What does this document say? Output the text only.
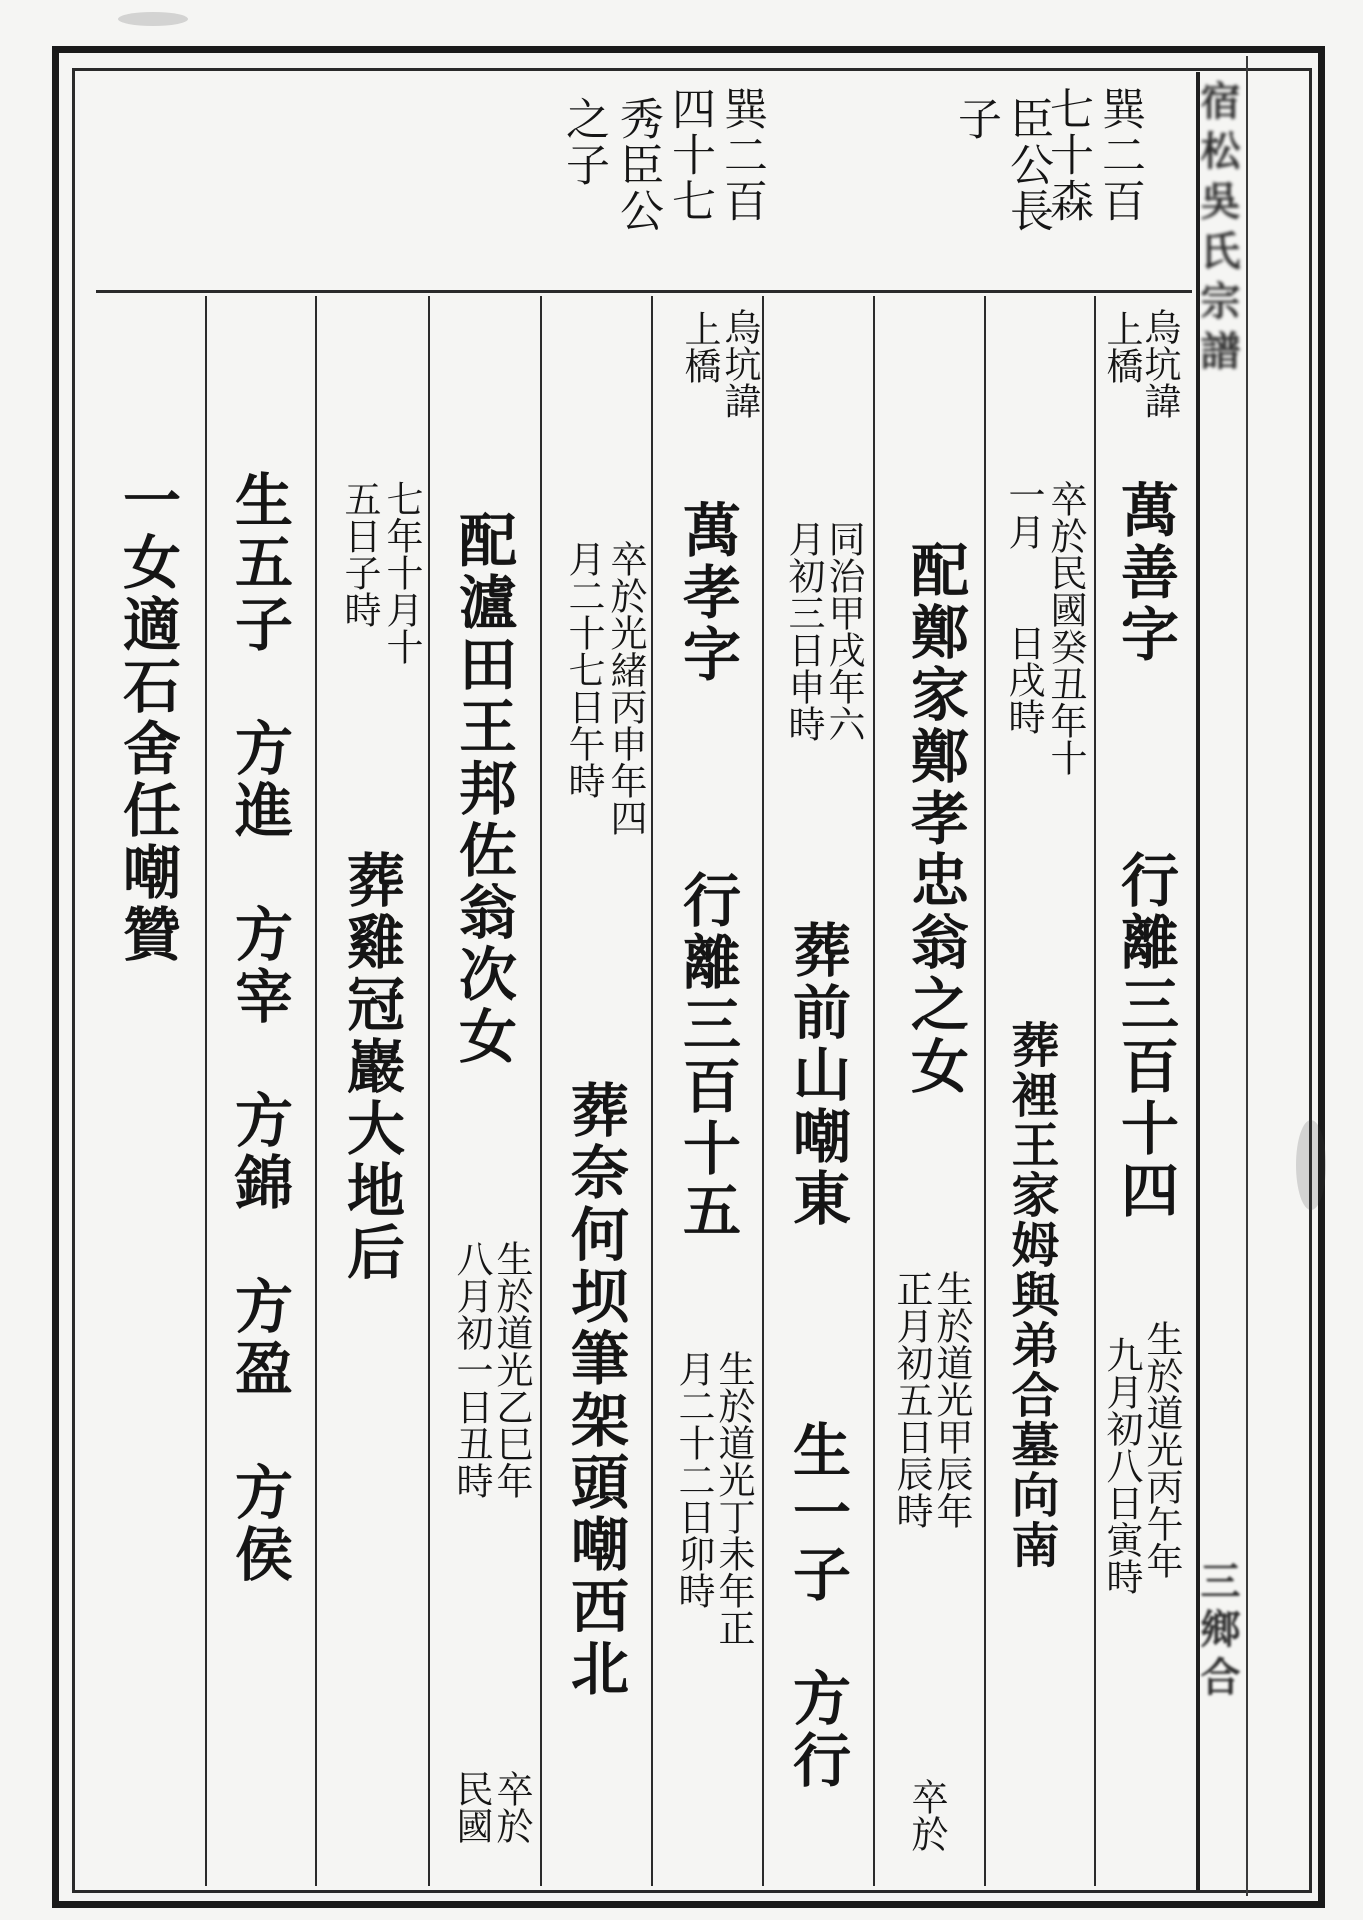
宿松吳氏宗譜
三鄉合
巽二百
七十森
臣公長
子
巽二百
四十七
秀臣公
之子
烏坑諱
上橋
萬善字
行離三百十四
生於道光丙午年
九月初八日寅時
卒於民國癸丑年十
一月　　日戌時
葬裡王家姆與弟合墓向南
配鄭家鄭孝忠翁之女
生於道光甲辰年
正月初五日辰時
卒於
同治甲戌年六
月初三日申時
葬前山嘲東
生一子　方行
烏坑諱
上橋
萬孝字
行離三百十五
生於道光丁未年正
月二十二日卯時
卒於光緒丙申年四
月二十七日午時
葬奈何坝筆架頭嘲西北
配瀘田王邦佐翁次女
生於道光乙巳年
八月初一日丑時
卒於
民國
七年十月十
五日子時
葬雞冠巖大地后
生五子　方進　方宰　方錦　方盈　方侯
一女適石舍任嘲贊
